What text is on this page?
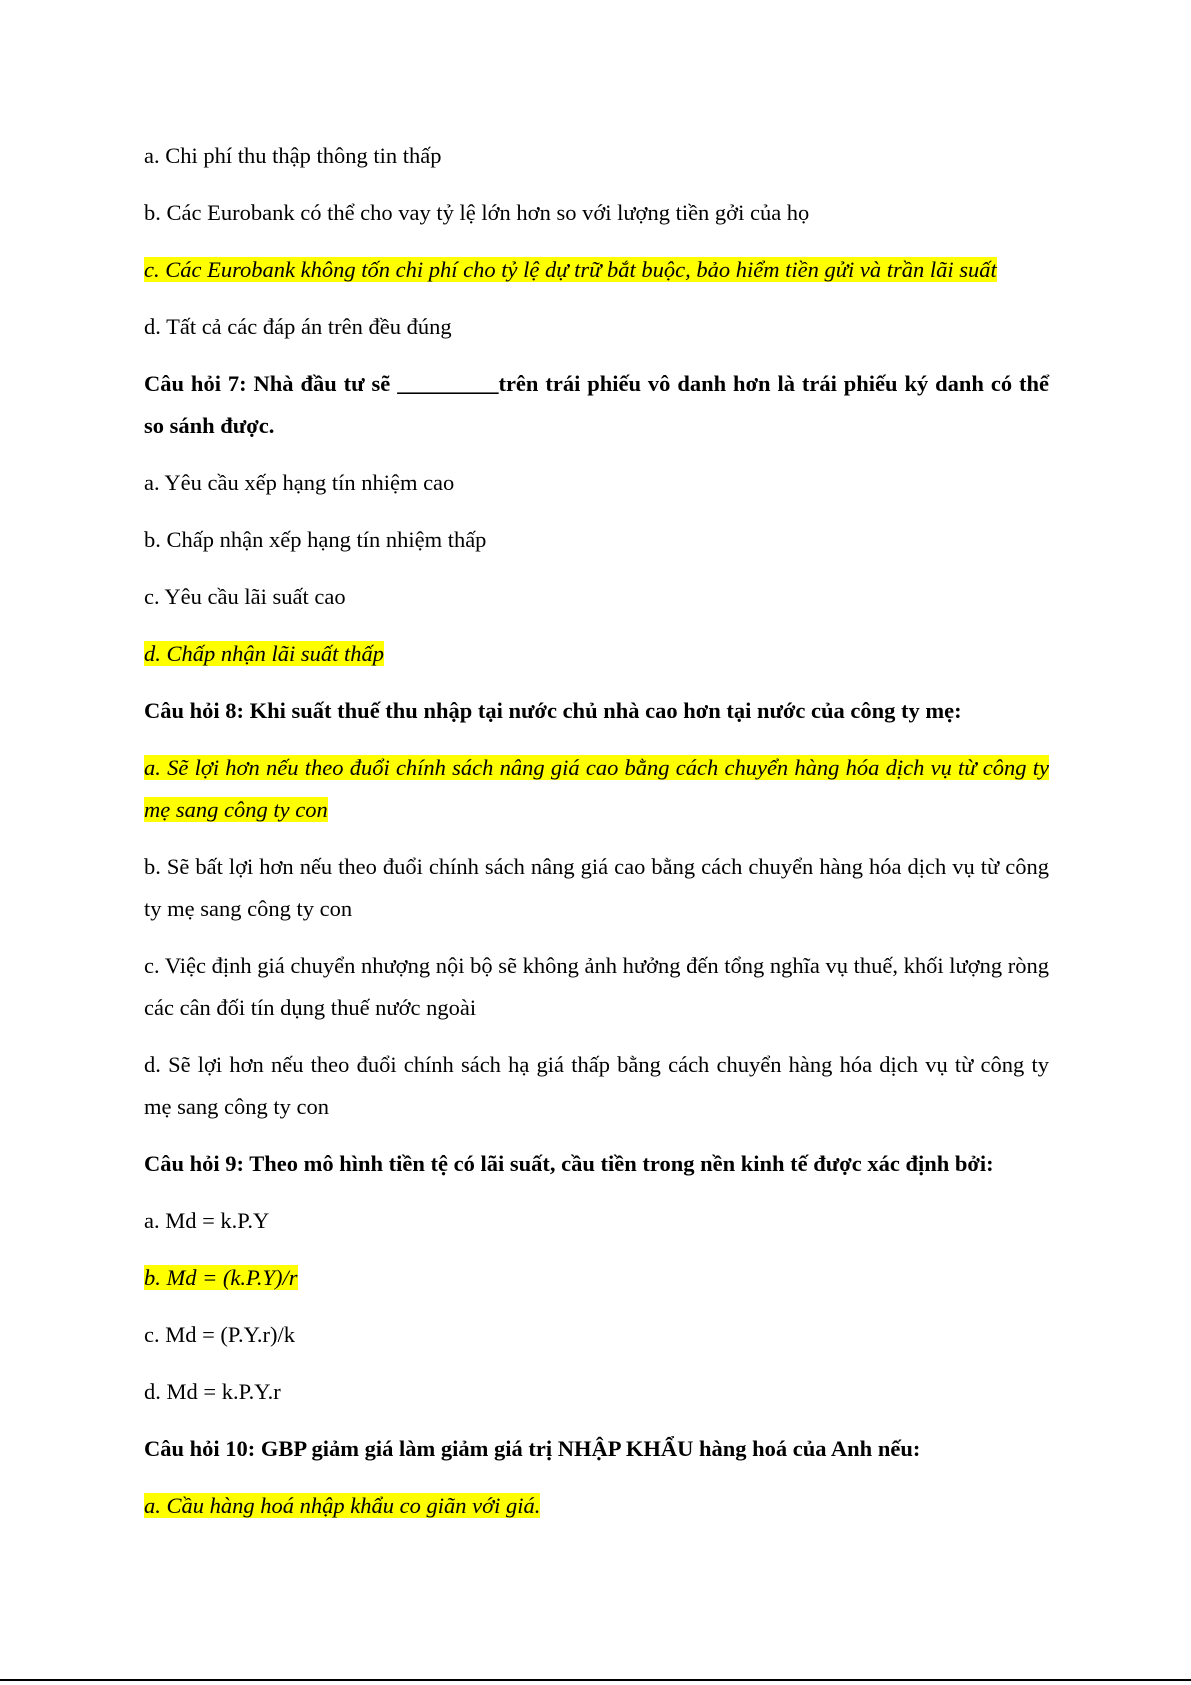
a. Chi phí thu thập thông tin thấp

b. Các Eurobank có thể cho vay tỷ lệ lớn hơn so với lượng tiền gởi của họ

c. Các Eurobank không tốn chi phí cho tỷ lệ dự trữ bắt buộc, bảo hiểm tiền gửi và trần lãi suất

d. Tất cả các đáp án trên đều đúng

Câu hỏi 7: Nhà đầu tư sẽ _________trên trái phiếu vô danh hơn là trái phiếu ký danh có thể so sánh được.

a. Yêu cầu xếp hạng tín nhiệm cao

b. Chấp nhận xếp hạng tín nhiệm thấp

c. Yêu cầu lãi suất cao

d. Chấp nhận lãi suất thấp

Câu hỏi 8: Khi suất thuế thu nhập tại nước chủ nhà cao hơn tại nước của công ty mẹ:

a. Sẽ lợi hơn nếu theo đuổi chính sách nâng giá cao bằng cách chuyển hàng hóa dịch vụ từ công ty mẹ sang công ty con

b. Sẽ bất lợi hơn nếu theo đuổi chính sách nâng giá cao bằng cách chuyển hàng hóa dịch vụ từ công ty mẹ sang công ty con

c. Việc định giá chuyển nhượng nội bộ sẽ không ảnh hưởng đến tổng nghĩa vụ thuế, khối lượng ròng các cân đối tín dụng thuế nước ngoài

d. Sẽ lợi hơn nếu theo đuổi chính sách hạ giá thấp bằng cách chuyển hàng hóa dịch vụ từ công ty mẹ sang công ty con

Câu hỏi 9: Theo mô hình tiền tệ có lãi suất, cầu tiền trong nền kinh tế được xác định bởi:

a. Md = k.P.Y

b. Md = (k.P.Y)/r

c. Md = (P.Y.r)/k

d. Md = k.P.Y.r

Câu hỏi 10: GBP giảm giá làm giảm giá trị NHẬP KHẨU hàng hoá của Anh nếu:

a. Cầu hàng hoá nhập khẩu co giãn với giá.
